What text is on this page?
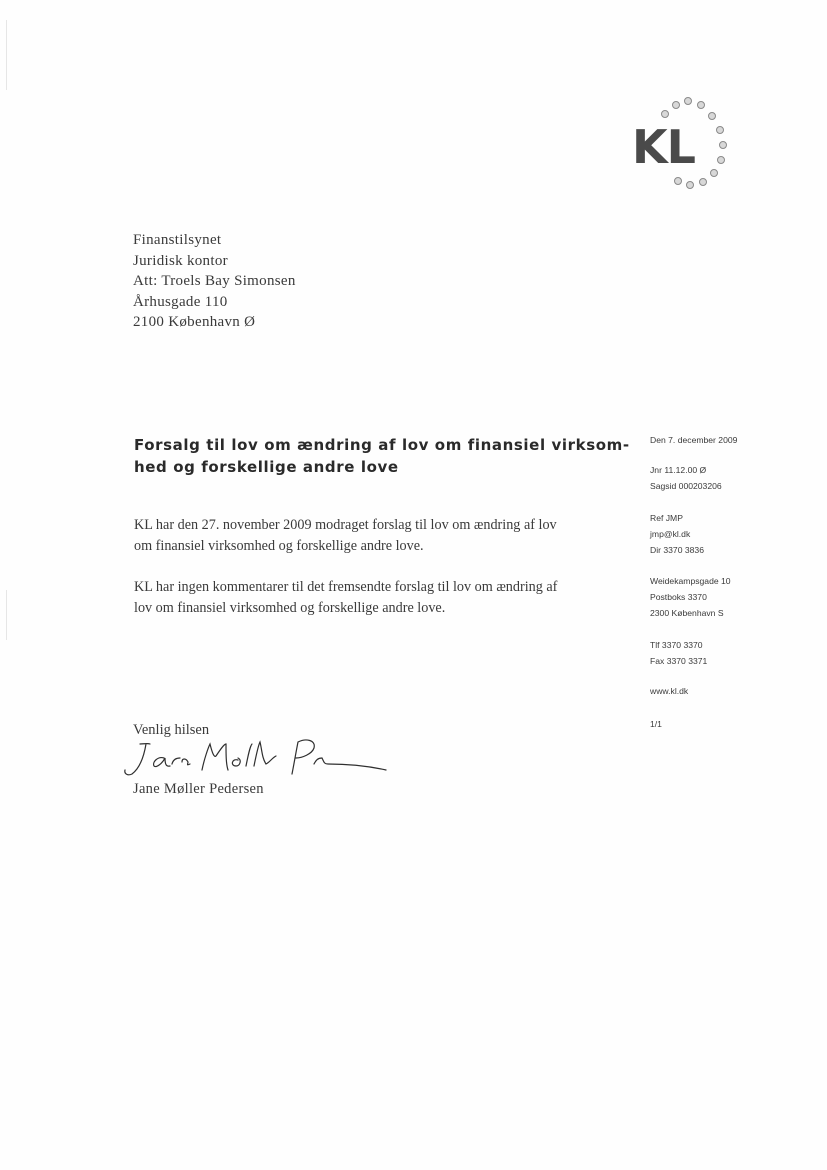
KL
Finanstilsynet
Juridisk kontor
Att: Troels Bay Simonsen
Århusgade 110
2100 København Ø
Forsalg til lov om ændring af lov om finansiel virksom-
hed og forskellige andre love
KL har den 27. november 2009 modraget forslag til lov om ændring af lov
om finansiel virksomhed og forskellige andre love.
KL har ingen kommentarer til det fremsendte forslag til lov om ændring af
lov om finansiel virksomhed og forskellige andre love.
Den 7. december 2009
Jnr 11.12.00 Ø
Sagsid 000203206
Ref JMP
jmp@kl.dk
Dir 3370 3836
Weidekampsgade 10
Postboks 3370
2300 København S
Tlf 3370 3370
Fax 3370 3371
www.kl.dk
1/1
Venlig hilsen
Jane Møller Pedersen
